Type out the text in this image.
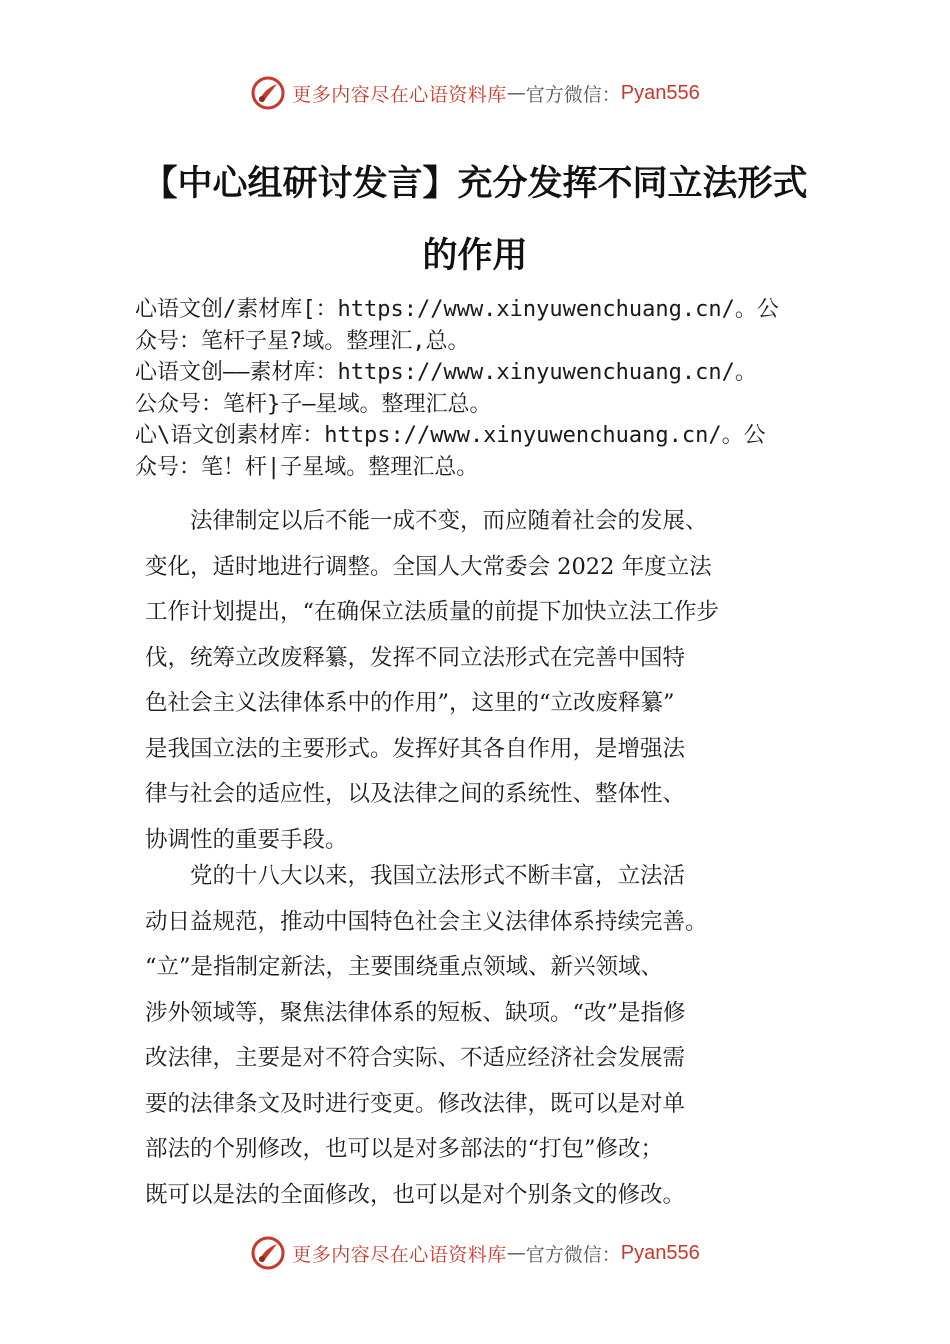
更多内容尽在心语资料库 — 官方微信： Pyan556
【中心组研讨发言】充分发挥不同立法形式
的作用
心语文创/素材库[：https://www.xinyuwenchuang.cn/。公
众号：笔杆子星?域。整理汇,总。
心语文创——素材库：https://www.xinyuwenchuang.cn/。
公众号：笔杆}子—星域。整理汇总。
心\语文创素材库：https://www.xinyuwenchuang.cn/。公
众号：笔！杆|子星域。整理汇总。
　　法律制定以后不能一成不变，而应随着社会的发展、
变化，适时地进行调整。全国人大常委会 2022 年度立法
工作计划提出，“在确保立法质量的前提下加快立法工作步
伐，统筹立改废释纂，发挥不同立法形式在完善中国特
色社会主义法律体系中的作用”，这里的“立改废释纂”
是我国立法的主要形式。发挥好其各自作用，是增强法
律与社会的适应性，以及法律之间的系统性、整体性、
协调性的重要手段。
　　党的十八大以来，我国立法形式不断丰富，立法活
动日益规范，推动中国特色社会主义法律体系持续完善。
“立”是指制定新法，主要围绕重点领域、新兴领域、
涉外领域等，聚焦法律体系的短板、缺项。“改”是指修
改法律，主要是对不符合实际、不适应经济社会发展需
要的法律条文及时进行变更。修改法律，既可以是对单
部法的个别修改，也可以是对多部法的“打包”修改；
既可以是法的全面修改，也可以是对个别条文的修改。
更多内容尽在心语资料库 — 官方微信： Pyan556
